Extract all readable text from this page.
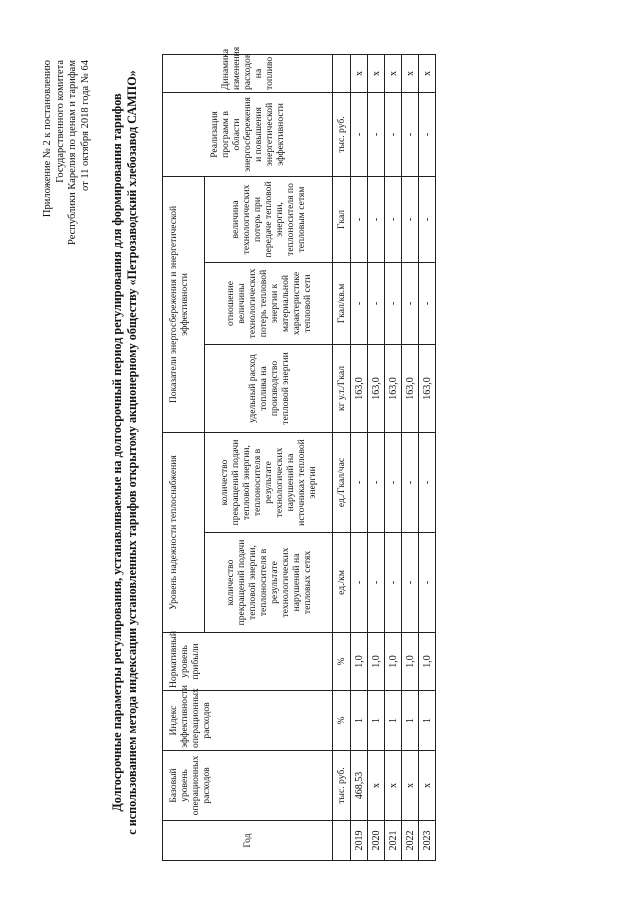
Приложение № 2 к постановлению Государственного комитета Республики Карелия по ценам и тарифам от 11 октября 2018 года № 64 Долгосрочные параметры регулирования, устанавливаемые на долгосрочный период регулирования для формирования тарифов с использованием метода индексации установленных тарифов открытому акционерному обществу «Петрозаводский хлебозавод САМПО»
Год	Базовый уровень операционных расходов	Индекс эффективности операционных расходов	Нормативный уровень прибыли	Уровень надежности теплоснабжения		Показатели энергосбережения и энергетической эффективности			Реализация программ в области энергосбережения и повышения энергетической эффективности	Динамика изменения расходов на топливо
				количество прекращений подачи тепловой энергии, теплоносителя в результате технологических нарушений на тепловых сетях	количество прекращений подачи тепловой энергии, теплоносителя в результате технологических нарушений на источниках тепловой энергии	удельный расход топлива на производство тепловой энергии	отношение величины технологических потерь тепловой энергии к материальной характеристике тепловой сети	величина технологических потерь при передаче тепловой энергии, теплоносителя по тепловым сетям		
	тыс. руб.	%	%	ед./км	ед./Гкал/час	кг у.т./Гкал	Гкал/кв.м	Гкал	тыс. руб.	
2019	468,53	1	1,0	-	-	163,0	-	-	-	x
2020	x	1	1,0	-	-	163,0	-	-	-	x
2021	x	1	1,0	-	-	163,0	-	-	-	x
2022	x	1	1,0	-	-	163,0	-	-	-	x
2023	x	1	1,0	-	-	163,0	-	-	-	x
